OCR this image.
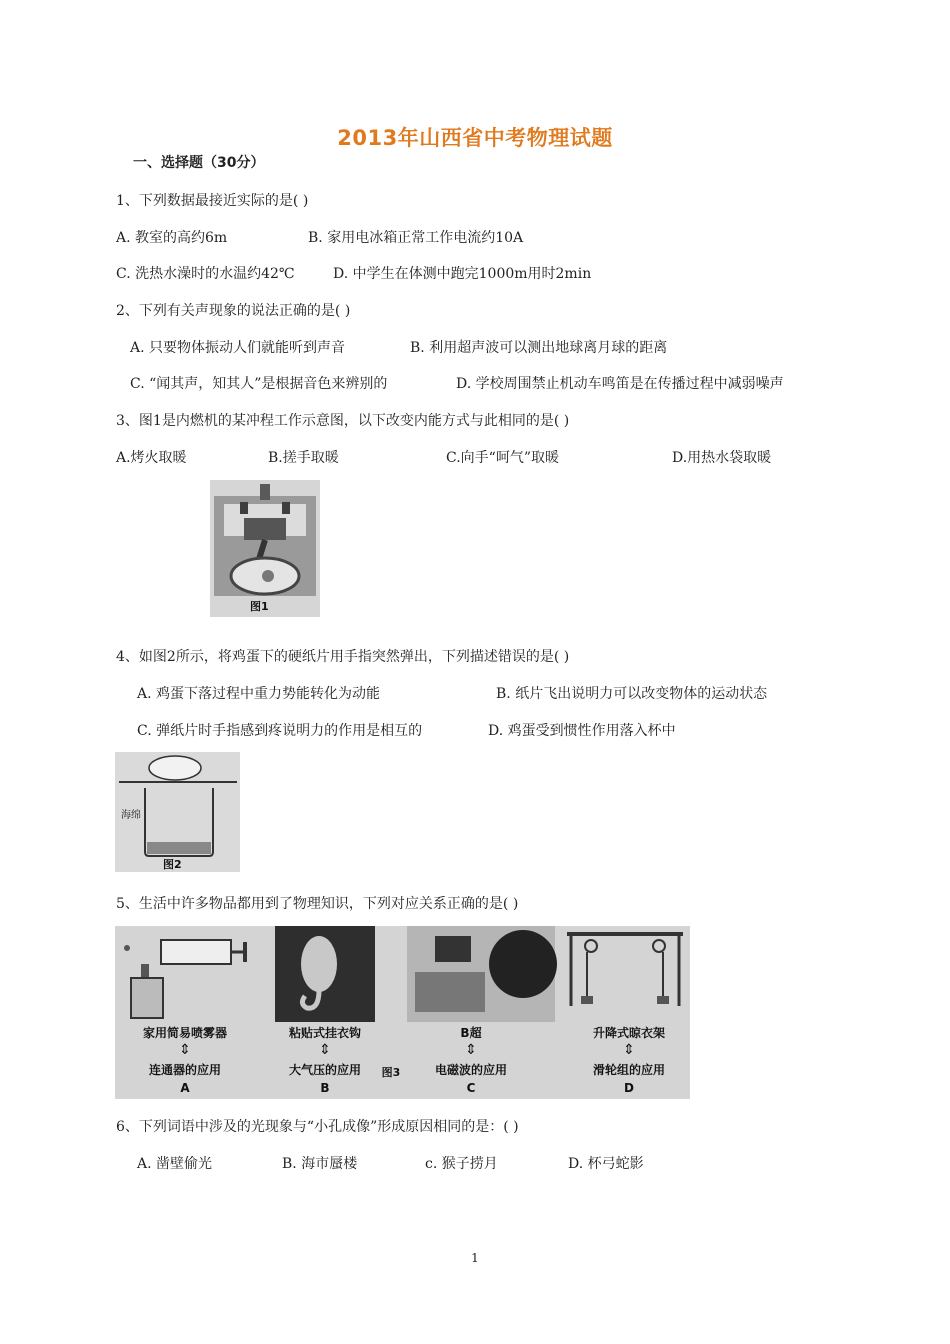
2013年山西省中考物理试题
一、选择题（30分）
1、下列数据最接近实际的是( )
A. 教室的高约6m	B. 家用电冰箱正常工作电流约10A
C. 洗热水澡时的水温约42℃	D. 中学生在体测中跑完1000m用时2min
2、下列有关声现象的说法正确的是( )
A. 只要物体振动人们就能听到声音	B. 利用超声波可以测出地球离月球的距离
C. “闻其声，知其人”是根据音色来辨别的	D. 学校周围禁止机动车鸣笛是在传播过程中减弱噪声
3、图1是内燃机的某冲程工作示意图，以下改变内能方式与此相同的是( )
A.烤火取暖	B.搓手取暖	C.向手“呵气”取暖	D.用热水袋取暖
图1
4、如图2所示，将鸡蛋下的硬纸片用手指突然弹出，下列描述错误的是( )
A. 鸡蛋下落过程中重力势能转化为动能	B. 纸片飞出说明力可以改变物体的运动状态
C. 弹纸片时手指感到疼说明力的作用是相互的	D. 鸡蛋受到惯性作用落入杯中
海绵
图2
5、生活中许多物品都用到了物理知识，下列对应关系正确的是( )
家用简易喷雾器
⇕
连通器的应用
A
粘贴式挂衣钩
⇕
大气压的应用
B
图3
B超
⇕
电磁波的应用
C
升降式晾衣架
⇕
滑轮组的应用
D
6、下列词语中涉及的光现象与“小孔成像”形成原因相同的是：( )
A. 凿壁偷光	B. 海市蜃楼	c. 猴子捞月	D. 杯弓蛇影
1
